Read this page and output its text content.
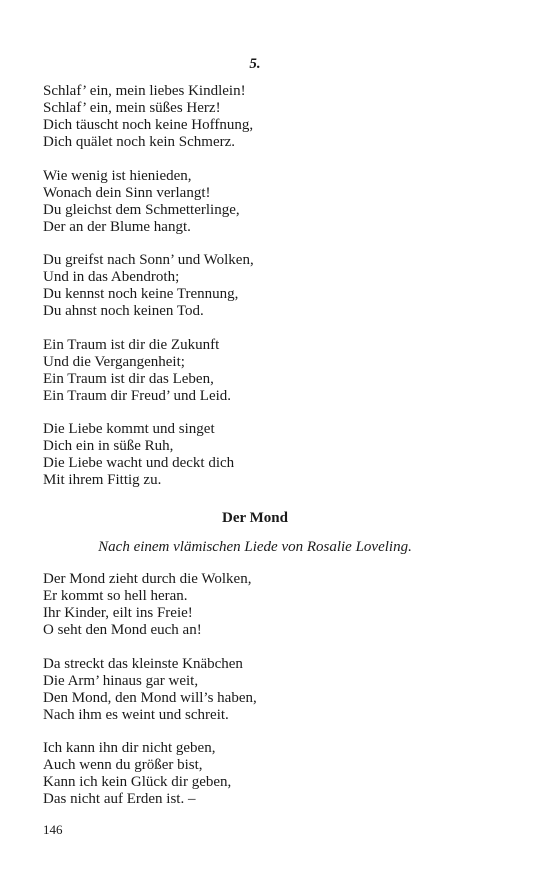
5.
Schlaf’ ein, mein liebes Kindlein!
Schlaf’ ein, mein süßes Herz!
Dich täuscht noch keine Hoffnung,
Dich quälet noch kein Schmerz.
Wie wenig ist hienieden,
Wonach dein Sinn verlangt!
Du gleichst dem Schmetterlinge,
Der an der Blume hangt.
Du greifst nach Sonn’ und Wolken,
Und in das Abendroth;
Du kennst noch keine Trennung,
Du ahnst noch keinen Tod.
Ein Traum ist dir die Zukunft
Und die Vergangenheit;
Ein Traum ist dir das Leben,
Ein Traum dir Freud’ und Leid.
Die Liebe kommt und singet
Dich ein in süße Ruh,
Die Liebe wacht und deckt dich
Mit ihrem Fittig zu.
Der Mond
Nach einem vlämischen Liede von Rosalie Loveling.
Der Mond zieht durch die Wolken,
Er kommt so hell heran.
Ihr Kinder, eilt ins Freie!
O seht den Mond euch an!
Da streckt das kleinste Knäbchen
Die Arm’ hinaus gar weit,
Den Mond, den Mond will’s haben,
Nach ihm es weint und schreit.
Ich kann ihn dir nicht geben,
Auch wenn du größer bist,
Kann ich kein Glück dir geben,
Das nicht auf Erden ist. –
146
